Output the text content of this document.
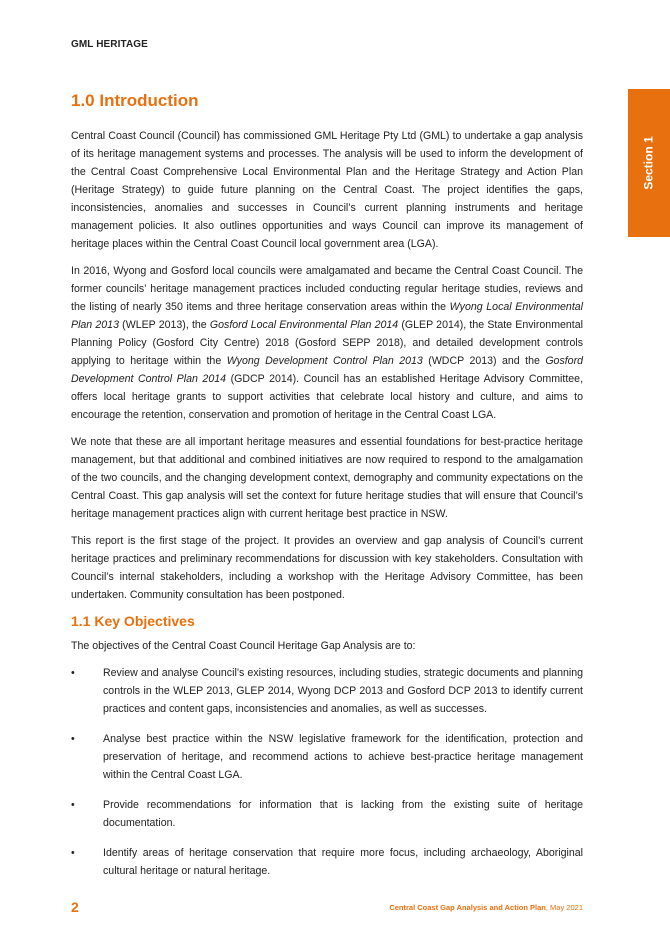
GML HERITAGE
Section 1
1.0 Introduction

Central Coast Council (Council) has commissioned GML Heritage Pty Ltd (GML) to undertake a gap analysis of its heritage management systems and processes. The analysis will be used to inform the development of the Central Coast Comprehensive Local Environmental Plan and the Heritage Strategy and Action Plan (Heritage Strategy) to guide future planning on the Central Coast. The project identifies the gaps, inconsistencies, anomalies and successes in Council’s current planning instruments and heritage management policies. It also outlines opportunities and ways Council can improve its management of heritage places within the Central Coast Council local government area (LGA).

In 2016, Wyong and Gosford local councils were amalgamated and became the Central Coast Council. The former councils’ heritage management practices included conducting regular heritage studies, reviews and the listing of nearly 350 items and three heritage conservation areas within the Wyong Local Environmental Plan 2013 (WLEP 2013), the Gosford Local Environmental Plan 2014 (GLEP 2014), the State Environmental Planning Policy (Gosford City Centre) 2018 (Gosford SEPP 2018), and detailed development controls applying to heritage within the Wyong Development Control Plan 2013 (WDCP 2013) and the Gosford Development Control Plan 2014 (GDCP 2014). Council has an established Heritage Advisory Committee, offers local heritage grants to support activities that celebrate local history and culture, and aims to encourage the retention, conservation and promotion of heritage in the Central Coast LGA.

We note that these are all important heritage measures and essential foundations for best-practice heritage management, but that additional and combined initiatives are now required to respond to the amalgamation of the two councils, and the changing development context, demography and community expectations on the Central Coast. This gap analysis will set the context for future heritage studies that will ensure that Council’s heritage management practices align with current heritage best practice in NSW.

This report is the first stage of the project. It provides an overview and gap analysis of Council’s current heritage practices and preliminary recommendations for discussion with key stakeholders. Consultation with Council’s internal stakeholders, including a workshop with the Heritage Advisory Committee, has been undertaken. Community consultation has been postponed.

1.1 Key Objectives

The objectives of the Central Coast Council Heritage Gap Analysis are to:

•	Review and analyse Council’s existing resources, including studies, strategic documents and planning controls in the WLEP 2013, GLEP 2014, Wyong DCP 2013 and Gosford DCP 2013 to identify current practices and content gaps, inconsistencies and anomalies, as well as successes.
•	Analyse best practice within the NSW legislative framework for the identification, protection and preservation of heritage, and recommend actions to achieve best-practice heritage management within the Central Coast LGA.
•	Provide recommendations for information that is lacking from the existing suite of heritage documentation.
•	Identify areas of heritage conservation that require more focus, including archaeology, Aboriginal cultural heritage or natural heritage.
2	Central Coast Gap Analysis and Action Plan, May 2021
